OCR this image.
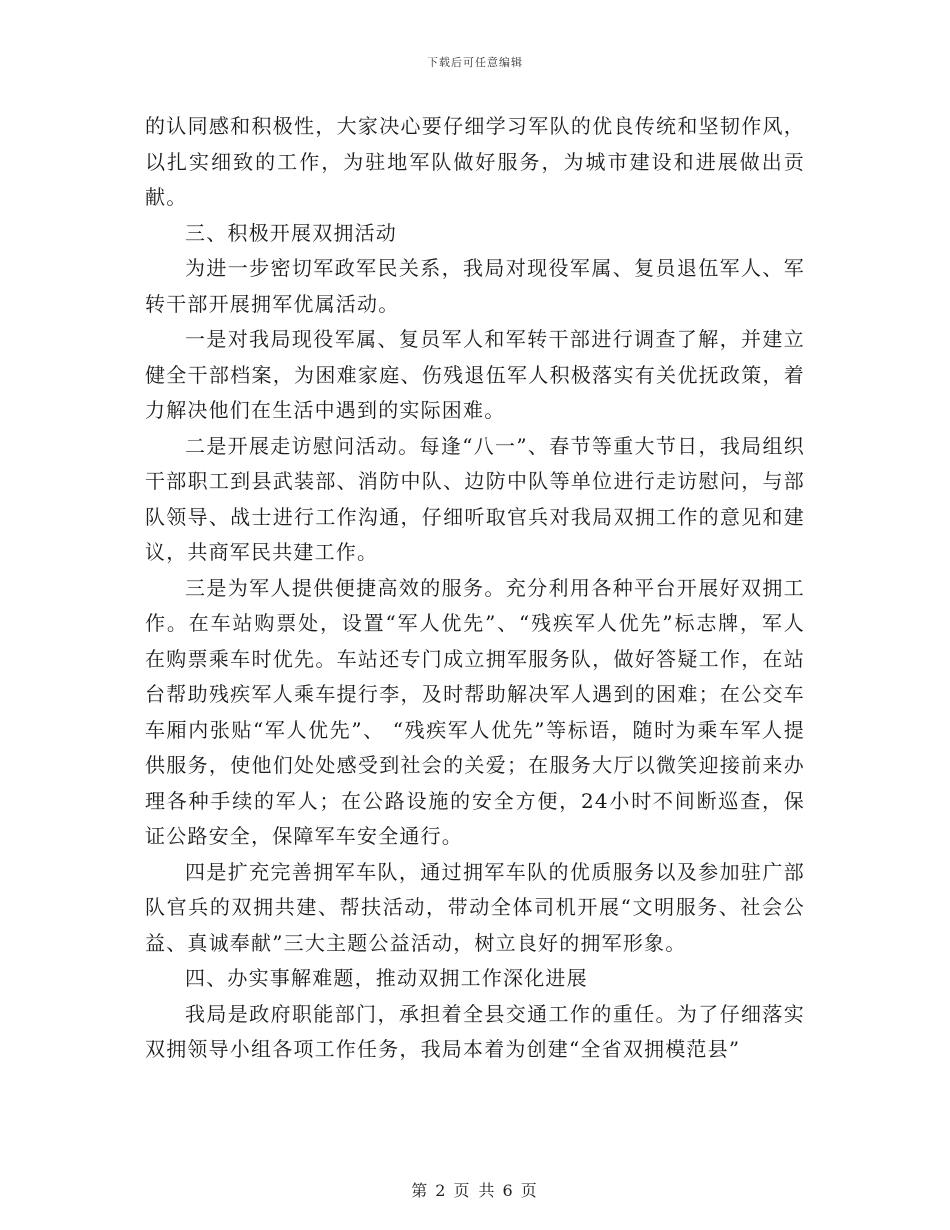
下载后可任意编辑

的认同感和积极性，大家决心要仔细学习军队的优良传统和坚韧作风，以扎实细致的工作，为驻地军队做好服务，为城市建设和进展做出贡献。

三、积极开展双拥活动

为进一步密切军政军民关系，我局对现役军属、复员退伍军人、军转干部开展拥军优属活动。

一是对我局现役军属、复员军人和军转干部进行调查了解，并建立健全干部档案，为困难家庭、伤残退伍军人积极落实有关优抚政策，着力解决他们在生活中遇到的实际困难。

二是开展走访慰问活动。每逢“八一”、春节等重大节日，我局组织干部职工到县武装部、消防中队、边防中队等单位进行走访慰问，与部队领导、战士进行工作沟通，仔细听取官兵对我局双拥工作的意见和建议，共商军民共建工作。

三是为军人提供便捷高效的服务。充分利用各种平台开展好双拥工作。在车站购票处，设置“军人优先”、“残疾军人优先”标志牌，军人在购票乘车时优先。车站还专门成立拥军服务队，做好答疑工作，在站台帮助残疾军人乘车提行李，及时帮助解决军人遇到的困难；在公交车车厢内张贴“军人优先”、 “残疾军人优先”等标语，随时为乘车军人提供服务，使他们处处感受到社会的关爱；在服务大厅以微笑迎接前来办理各种手续的军人；在公路设施的安全方便，24小时不间断巡查，保证公路安全，保障军车安全通行。

四是扩充完善拥军车队，通过拥军车队的优质服务以及参加驻广部队官兵的双拥共建、帮扶活动，带动全体司机开展“文明服务、社会公益、真诚奉献”三大主题公益活动，树立良好的拥军形象。

四、办实事解难题，推动双拥工作深化进展

我局是政府职能部门，承担着全县交通工作的重任。为了仔细落实双拥领导小组各项工作任务，我局本着为创建“全省双拥模范县”

第 2 页 共 6 页
